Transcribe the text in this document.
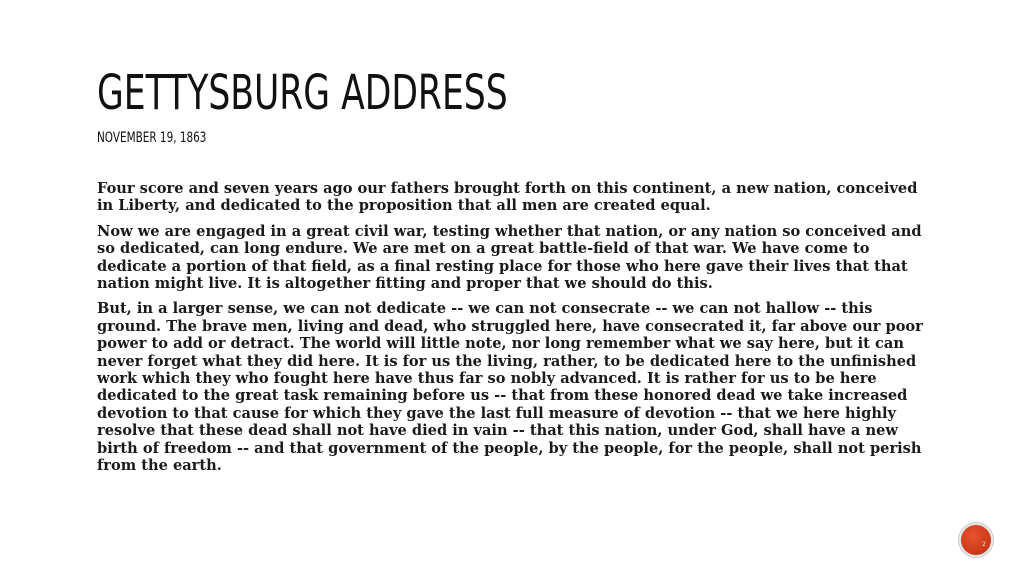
GETTYSBURG ADDRESS
NOVEMBER 19, 1863

Four score and seven years ago our fathers brought forth on this continent, a new nation, conceived in Liberty, and dedicated to the proposition that all men are created equal.

Now we are engaged in a great civil war, testing whether that nation, or any nation so conceived and so dedicated, can long endure. We are met on a great battle-field of that war. We have come to dedicate a portion of that field, as a final resting place for those who here gave their lives that that nation might live. It is altogether fitting and proper that we should do this.

But, in a larger sense, we can not dedicate -- we can not consecrate -- we can not hallow -- this ground. The brave men, living and dead, who struggled here, have consecrated it, far above our poor power to add or detract. The world will little note, nor long remember what we say here, but it can never forget what they did here. It is for us the living, rather, to be dedicated here to the unfinished work which they who fought here have thus far so nobly advanced. It is rather for us to be here dedicated to the great task remaining before us -- that from these honored dead we take increased devotion to that cause for which they gave the last full measure of devotion -- that we here highly resolve that these dead shall not have died in vain -- that this nation, under God, shall have a new birth of freedom -- and that government of the people, by the people, for the people, shall not perish from the earth.

2
